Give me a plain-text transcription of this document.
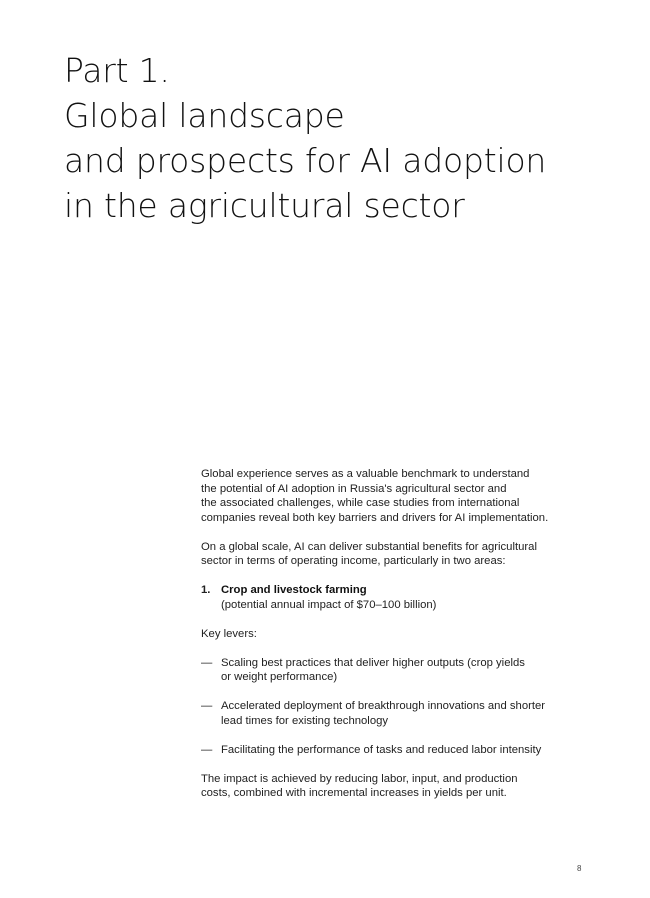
Part 1.
Global landscape
and prospects for AI adoption
in the agricultural sector

Global experience serves as a valuable benchmark to understand
the potential of AI adoption in Russia's agricultural sector and
the associated challenges, while case studies from international
companies reveal both key barriers and drivers for AI implementation.

On a global scale, AI can deliver substantial benefits for agricultural
sector in terms of operating income, particularly in two areas:

1. Crop and livestock farming
(potential annual impact of $70–100 billion)

Key levers:

— Scaling best practices that deliver higher outputs (crop yields
or weight performance)
— Accelerated deployment of breakthrough innovations and shorter
lead times for existing technology
— Facilitating the performance of tasks and reduced labor intensity

The impact is achieved by reducing labor, input, and production
costs, combined with incremental increases in yields per unit.

8
